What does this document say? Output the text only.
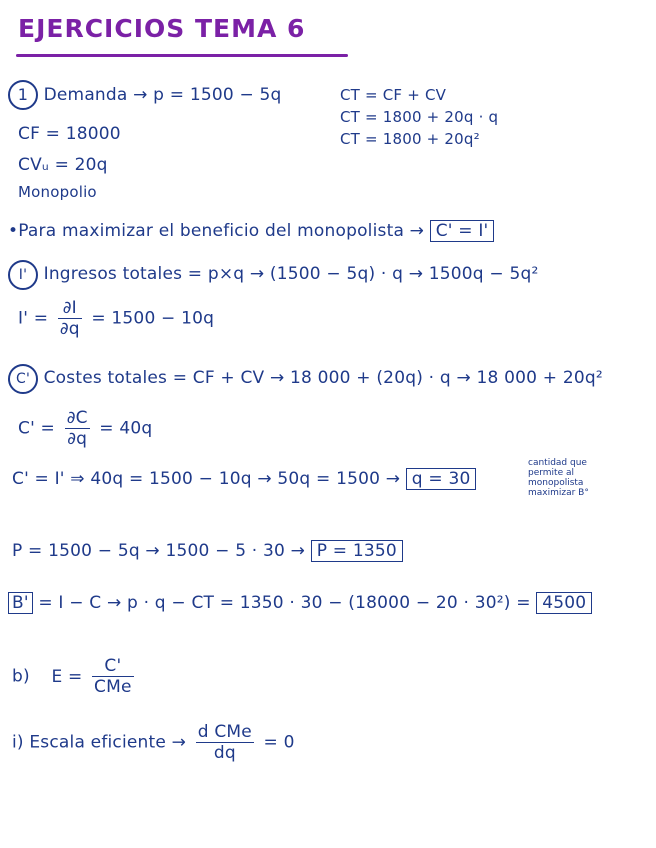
EJERCICIOS TEMA 6
1 Demanda → p = 1500 − 5q
CF = 18000
CVᵤ = 20q
Monopolio
CT = CF + CV
CT = 1800 + 20q · q
CT = 1800 + 20q²
•Para maximizar el beneficio del monopolista → C' = I'
I' Ingresos totales = p×q → (1500 − 5q) · q → 1500q − 5q²
$I' = \frac{\partial I}{\partial q} = 1500 - 10q$
C' Costes totales = CF + CV → 18 000 + (20q) · q → 18 000 + 20q²
$C' = \frac{\partial C}{\partial q} = 40q$
C' = I' ⇒ 40q = 1500 − 10q → 50q = 1500 → q = 30
cantidad que permite al monopolista maximizar B°
P = 1500 − 5q → 1500 − 5 · 30 → P = 1350
B' = I − C → p · q − CT = 1350 · 30 − (18000 − 20 · 30²) = 4500
b) $E = \frac{C'}{\text{CMe}}$
i) Escala eficiente → $\frac{\text{d CMe}}{dq} = 0$
